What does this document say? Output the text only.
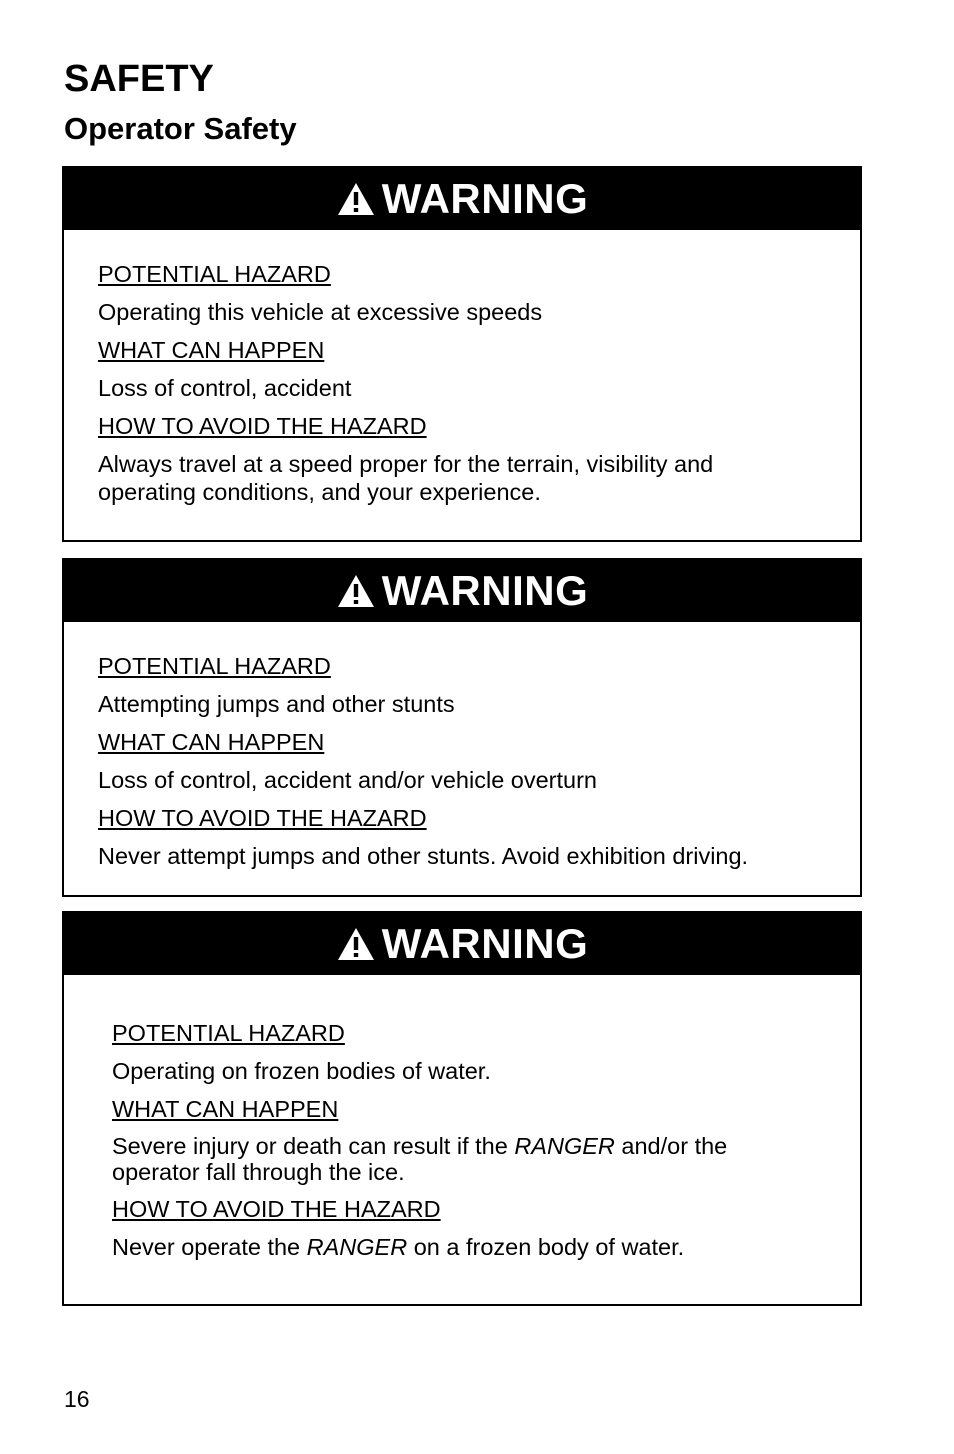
SAFETY
Operator Safety
WARNING

POTENTIAL HAZARD

Operating this vehicle at excessive speeds

WHAT CAN HAPPEN

Loss of control, accident

HOW TO AVOID THE HAZARD

Always travel at a speed proper for the terrain, visibility and
operating conditions, and your experience.

WARNING

POTENTIAL HAZARD

Attempting jumps and other stunts

WHAT CAN HAPPEN

Loss of control, accident and/or vehicle overturn

HOW TO AVOID THE HAZARD

Never attempt jumps and other stunts. Avoid exhibition driving.

WARNING

POTENTIAL HAZARD

Operating on frozen bodies of water.

WHAT CAN HAPPEN

Severe injury or death can result if the RANGER and/or the
operator fall through the ice.

HOW TO AVOID THE HAZARD

Never operate the RANGER on a frozen body of water.

16
